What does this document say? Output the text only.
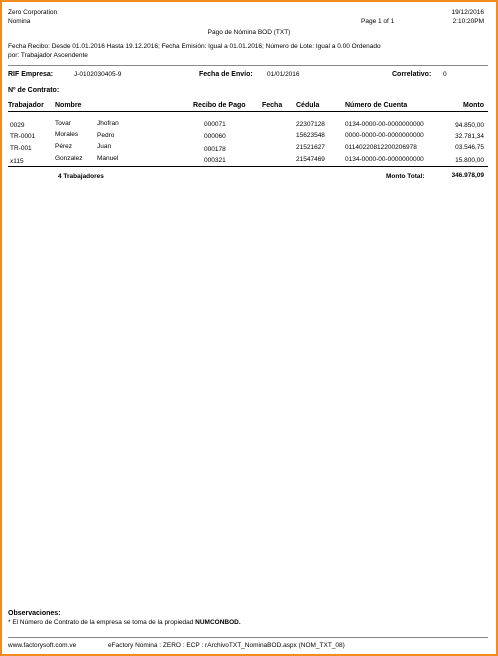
Zero Corporation
Nomina
19/12/2016
2:10:20PM
Page 1 of 1
Pago de Nómina BOD (TXT)
Fecha Recibo: Desde 01.01.2016 Hasta 19.12.2016; Fecha Emisión: Igual a 01.01.2016; Número de Lote: Igual a 0.00 Ordenado
por: Trabajador Ascendente
RIF Empresa:	J-0102030405-9	Fecha de Envío: 01/01/2016	Correlativo: 0
Nº de Contrato:
Trabajador Nombre	Recibo de Pago Fecha Cédula	Número de Cuenta	Monto
0029	Tovar	Jhofran	000071	22307128	0134-0000-00-0000000000	94.850,00
TR-0001	Morales	Pedro	000060	15623548	0000-0000-00-0000000000	32.781,34
TR-001	Pérez	Juan	000178	21521627	01140220812200206978	03.546,75
x115	Gonzalez Manuel	000321	21547469	0134-0000-00-0000000000	15.800,00
4 Trabajadores	Monto Total:	346.978,09
Observaciones:
* El Número de Contrato de la empresa se toma de la propiedad NUMCONBOD.
www.factorysoft.com.ve	eFactory Nomina : ZERO : ECP : rArchivoTXT_NominaBOD.aspx (NOM_TXT_08)
